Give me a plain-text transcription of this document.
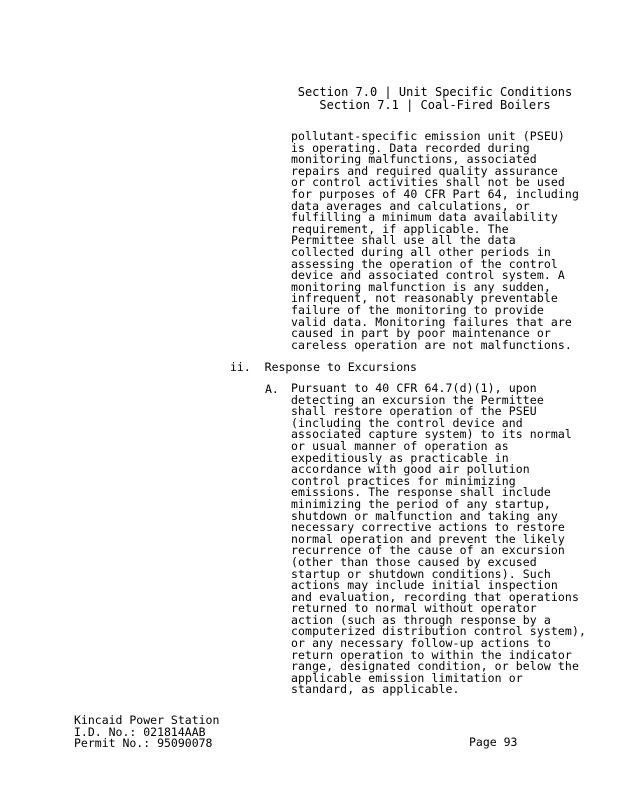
Section 7.0 | Unit Specific Conditions
Section 7.1 | Coal-Fired Boilers
pollutant-specific emission unit (PSEU)
is operating. Data recorded during
monitoring malfunctions, associated
repairs and required quality assurance
or control activities shall not be used
for purposes of 40 CFR Part 64, including
data averages and calculations, or
fulfilling a minimum data availability
requirement, if applicable. The
Permittee shall use all the data
collected during all other periods in
assessing the operation of the control
device and associated control system. A
monitoring malfunction is any sudden,
infrequent, not reasonably preventable
failure of the monitoring to provide
valid data. Monitoring failures that are
caused in part by poor maintenance or
careless operation are not malfunctions.
ii. Response to Excursions
A. Pursuant to 40 CFR 64.7(d)(1), upon
detecting an excursion the Permittee
shall restore operation of the PSEU
(including the control device and
associated capture system) to its normal
or usual manner of operation as
expeditiously as practicable in
accordance with good air pollution
control practices for minimizing
emissions. The response shall include
minimizing the period of any startup,
shutdown or malfunction and taking any
necessary corrective actions to restore
normal operation and prevent the likely
recurrence of the cause of an excursion
(other than those caused by excused
startup or shutdown conditions). Such
actions may include initial inspection
and evaluation, recording that operations
returned to normal without operator
action (such as through response by a
computerized distribution control system),
or any necessary follow-up actions to
return operation to within the indicator
range, designated condition, or below the
applicable emission limitation or
standard, as applicable.
Kincaid Power Station
I.D. No.: 021814AAB
Permit No.: 95090078	Page 93
